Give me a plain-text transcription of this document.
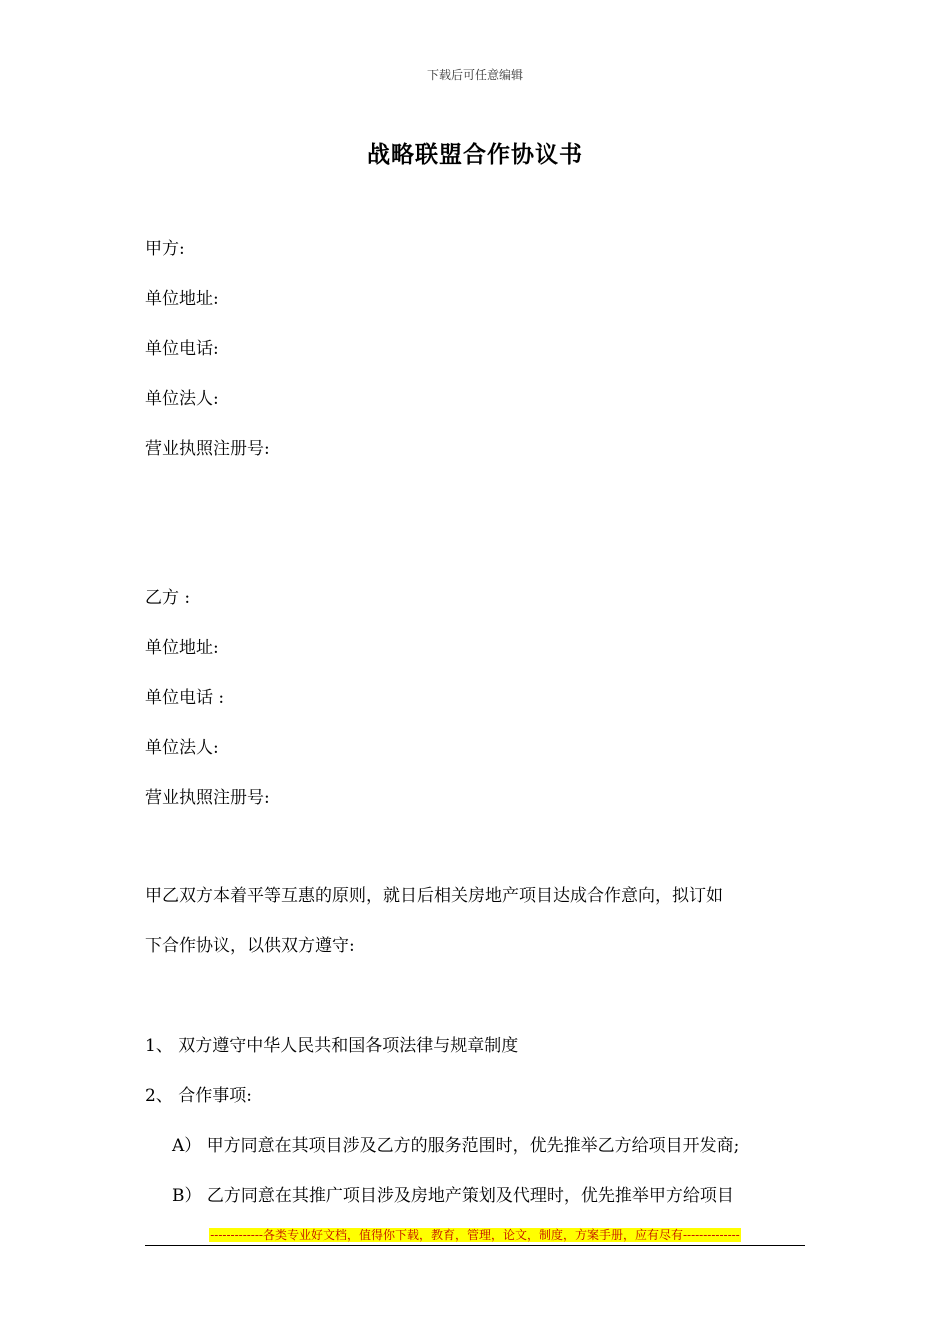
下载后可任意编辑
战略联盟合作协议书
甲方:
单位地址:
单位电话:
单位法人:
营业执照注册号:
乙方 :
单位地址:
单位电话 :
单位法人:
营业执照注册号:
甲乙双方本着平等互惠的原则，就日后相关房地产项目达成合作意向，拟订如
下合作协议，以供双方遵守:
1、 双方遵守中华人民共和国各项法律与规章制度
2、 合作事项:
A） 甲方同意在其项目涉及乙方的服务范围时，优先推举乙方给项目开发商;
B） 乙方同意在其推广项目涉及房地产策划及代理时，优先推举甲方给项目
-------------各类专业好文档，值得你下载，教育，管理，论文，制度，方案手册，应有尽有--------------
